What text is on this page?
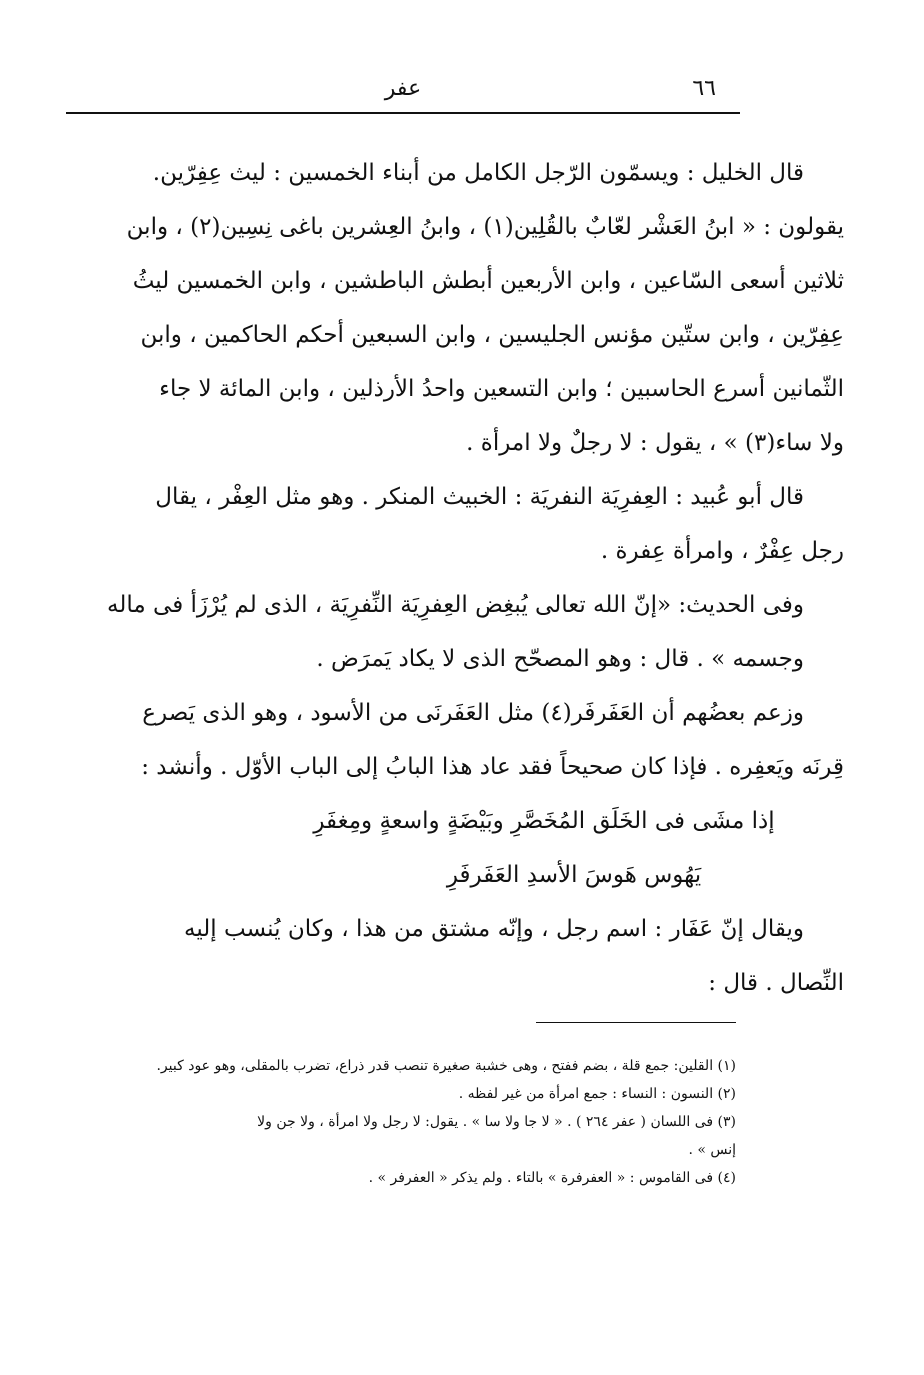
٦٦
عفر
قال الخليل : ويسمّون الرّجل الكامل من أبناء الخمسين : ليث عِفِرّين.
يقولون : « ابنُ العَشْر لعّابٌ بالقُلِين(١) ، وابنُ العِشرين باغى نِسِين(٢) ، وابن
ثلاثين أسعى السّاعين ، وابن الأربعين أبطش الباطشين ، وابن الخمسين ليثُ
عِفِرّين ، وابن ستّين مؤنس الجليسين ، وابن السبعين أحكم الحاكمين ، وابن
الثّمانين أسرع الحاسبين ؛ وابن التسعين واحدُ الأرذلين ، وابن المائة لا جاء
ولا ساء(٣) » ، يقول : لا رجلٌ ولا امرأة .
قال أبو عُبيد : العِفرِيَة النفريَة : الخبيث المنكر . وهو مثل العِفْر ، يقال
رجل عِفْرٌ ، وامرأة عِفرة .
وفى الحديث: «إنّ الله تعالى يُبغِض العِفرِيَة النِّفرِيَة ، الذى لم يُرْزَأ فى ماله
وجسمه » . قال : وهو المصحّح الذى لا يكاد يَمرَض .
وزعم بعضُهم أن العَفَرفَر(٤) مثل العَفَرنَى من الأسود ، وهو الذى يَصرع
قِرنَه ويَعفِره . فإذا كان صحيحاً فقد عاد هذا البابُ إلى الباب الأوّل . وأنشد :
إذا مشَى فى الخَلَق المُخَصَّرِ وبَيْضَةٍ واسعةٍ ومِغفَرِ
يَهُوس هَوسَ الأسدِ العَفَرفَرِ
ويقال إنّ عَفَار : اسم رجل ، وإنّه مشتق من هذا ، وكان يُنسب إليه
النِّصال . قال :
(١) القلين: جمع قلة ، بضم ففتح ، وهى خشبة صغيرة تنصب قدر ذراع، تضرب بالمقلى، وهو عود كبير.
(٢) النسون : النساء : جمع امرأة من غير لفظه .
(٣) فى اللسان ( عفر ٢٦٤ ) . « لا جا ولا سا » . يقول: لا رجل ولا امرأة ، ولا جن ولا
إنس » .
(٤) فى القاموس : « العفرفرة » بالتاء . ولم يذكر « العفرفر » .
